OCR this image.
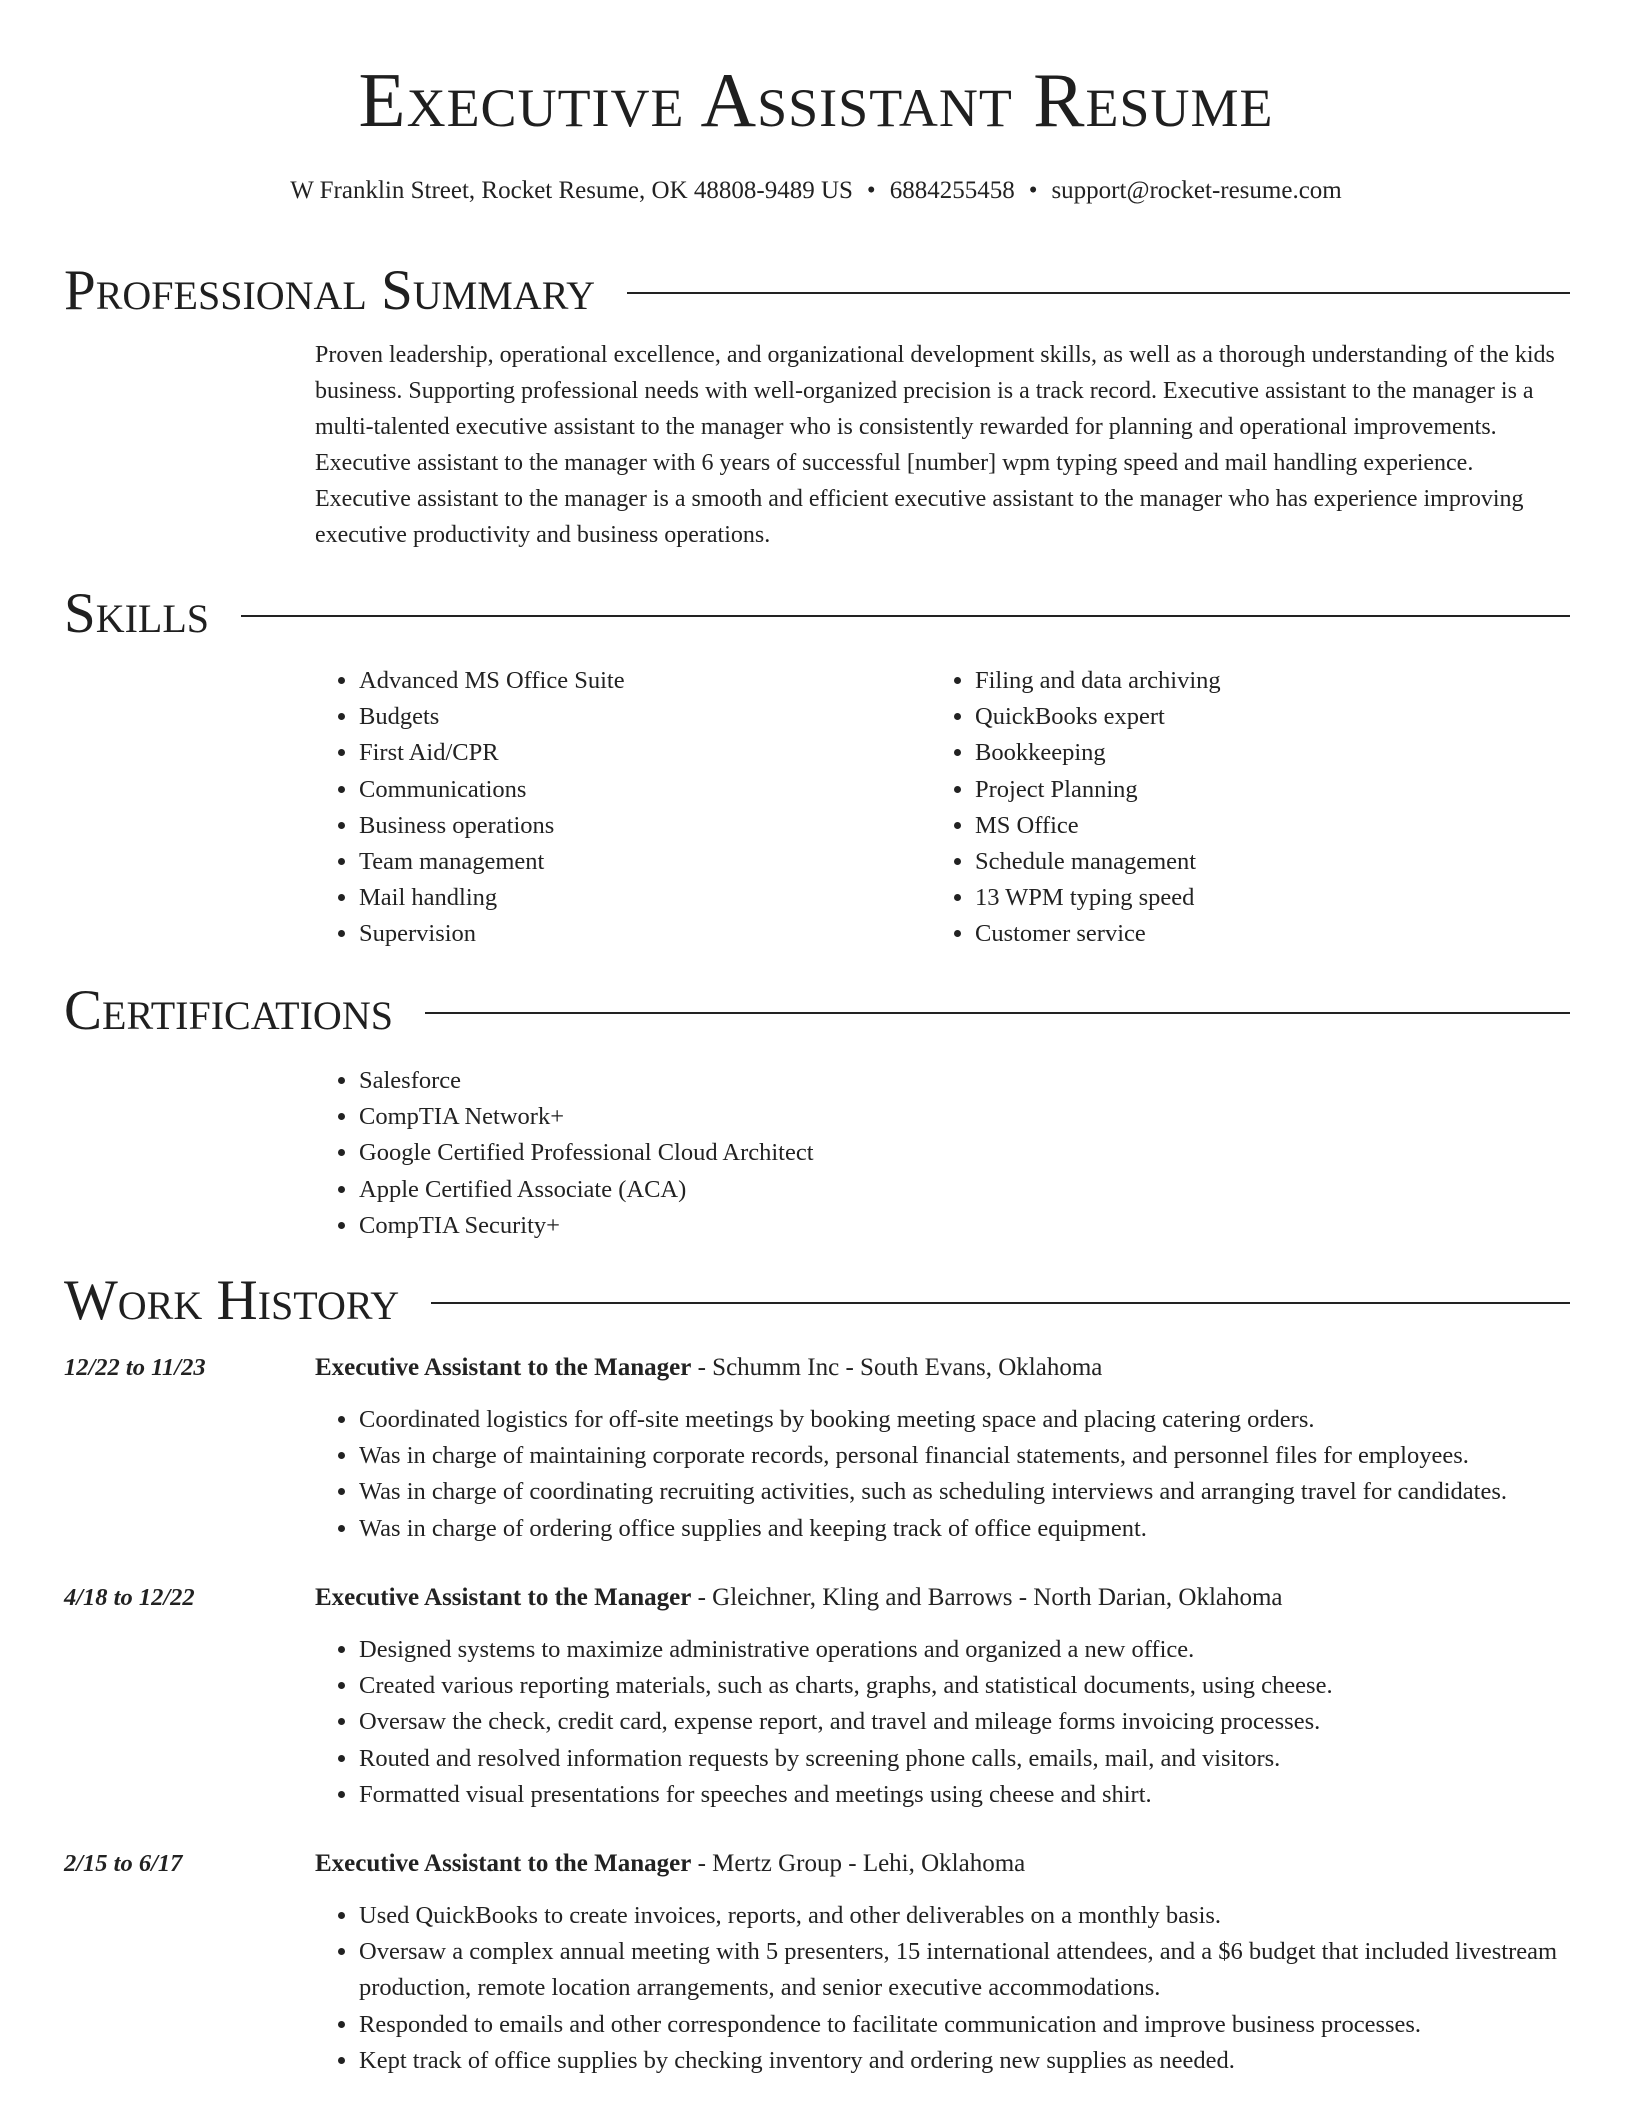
Executive Assistant Resume
W Franklin Street, Rocket Resume, OK 48808-9489 US • 6884255458 • support@rocket-resume.com
Professional Summary

Proven leadership, operational excellence, and organizational development skills, as well as a thorough understanding of the kids business. Supporting professional needs with well-organized precision is a track record. Executive assistant to the manager is a multi-talented executive assistant to the manager who is consistently rewarded for planning and operational improvements. Executive assistant to the manager with 6 years of successful [number] wpm typing speed and mail handling experience. Executive assistant to the manager is a smooth and efficient executive assistant to the manager who has experience improving executive productivity and business operations.

Skills
• Advanced MS Office Suite
• Budgets
• First Aid/CPR
• Communications
• Business operations
• Team management
• Mail handling
• Supervision
• Filing and data archiving
• QuickBooks expert
• Bookkeeping
• Project Planning
• MS Office
• Schedule management
• 13 WPM typing speed
• Customer service
Certifications
• Salesforce
• CompTIA Network+
• Google Certified Professional Cloud Architect
• Apple Certified Associate (ACA)
• CompTIA Security+
Work History
12/22 to 11/23	Executive Assistant to the Manager - Schumm Inc - South Evans, Oklahoma
• Coordinated logistics for off-site meetings by booking meeting space and placing catering orders.
• Was in charge of maintaining corporate records, personal financial statements, and personnel files for employees.
• Was in charge of coordinating recruiting activities, such as scheduling interviews and arranging travel for candidates.
• Was in charge of ordering office supplies and keeping track of office equipment.
4/18 to 12/22	Executive Assistant to the Manager - Gleichner, Kling and Barrows - North Darian, Oklahoma
• Designed systems to maximize administrative operations and organized a new office.
• Created various reporting materials, such as charts, graphs, and statistical documents, using cheese.
• Oversaw the check, credit card, expense report, and travel and mileage forms invoicing processes.
• Routed and resolved information requests by screening phone calls, emails, mail, and visitors.
• Formatted visual presentations for speeches and meetings using cheese and shirt.
2/15 to 6/17	Executive Assistant to the Manager - Mertz Group - Lehi, Oklahoma
• Used QuickBooks to create invoices, reports, and other deliverables on a monthly basis.
• Oversaw a complex annual meeting with 5 presenters, 15 international attendees, and a $6 budget that included livestream production, remote location arrangements, and senior executive accommodations.
• Responded to emails and other correspondence to facilitate communication and improve business processes.
• Kept track of office supplies by checking inventory and ordering new supplies as needed.
